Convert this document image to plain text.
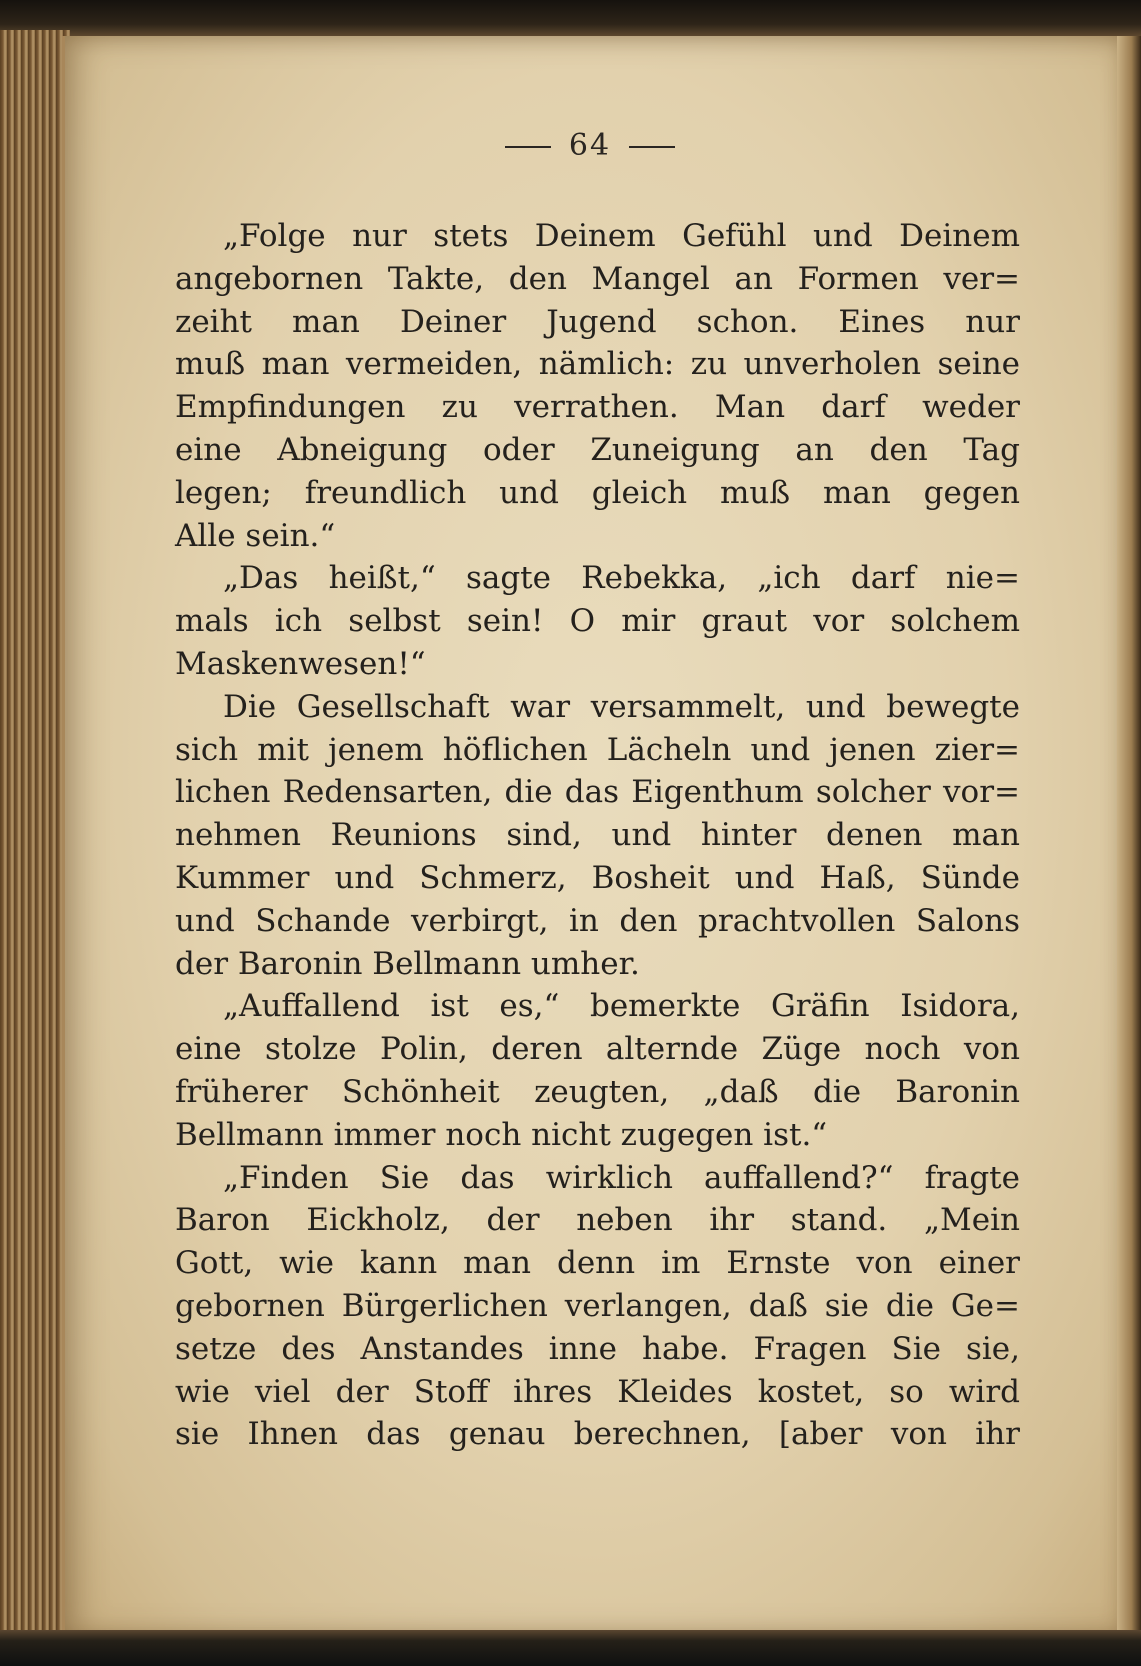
64
„Folge nur stets Deinem Gefühl und Deinem
angebornen Takte, den Mangel an Formen ver=
zeiht man Deiner Jugend schon. Eines nur
muß man vermeiden, nämlich: zu unverholen seine
Empfindungen zu verrathen. Man darf weder
eine Abneigung oder Zuneigung an den Tag
legen; freundlich und gleich muß man gegen
Alle sein.“
„Das heißt,“ sagte Rebekka, „ich darf nie=
mals ich selbst sein! O mir graut vor solchem
Maskenwesen!“
Die Gesellschaft war versammelt, und bewegte
sich mit jenem höflichen Lächeln und jenen zier=
lichen Redensarten, die das Eigenthum solcher vor=
nehmen Reunions sind, und hinter denen man
Kummer und Schmerz, Bosheit und Haß, Sünde
und Schande verbirgt, in den prachtvollen Salons
der Baronin Bellmann umher.
„Auffallend ist es,“ bemerkte Gräfin Isidora,
eine stolze Polin, deren alternde Züge noch von
früherer Schönheit zeugten, „daß die Baronin
Bellmann immer noch nicht zugegen ist.“
„Finden Sie das wirklich auffallend?“ fragte
Baron Eickholz, der neben ihr stand. „Mein
Gott, wie kann man denn im Ernste von einer
gebornen Bürgerlichen verlangen, daß sie die Ge=
setze des Anstandes inne habe. Fragen Sie sie,
wie viel der Stoff ihres Kleides kostet, so wird
sie Ihnen das genau berechnen, [aber von ihr
